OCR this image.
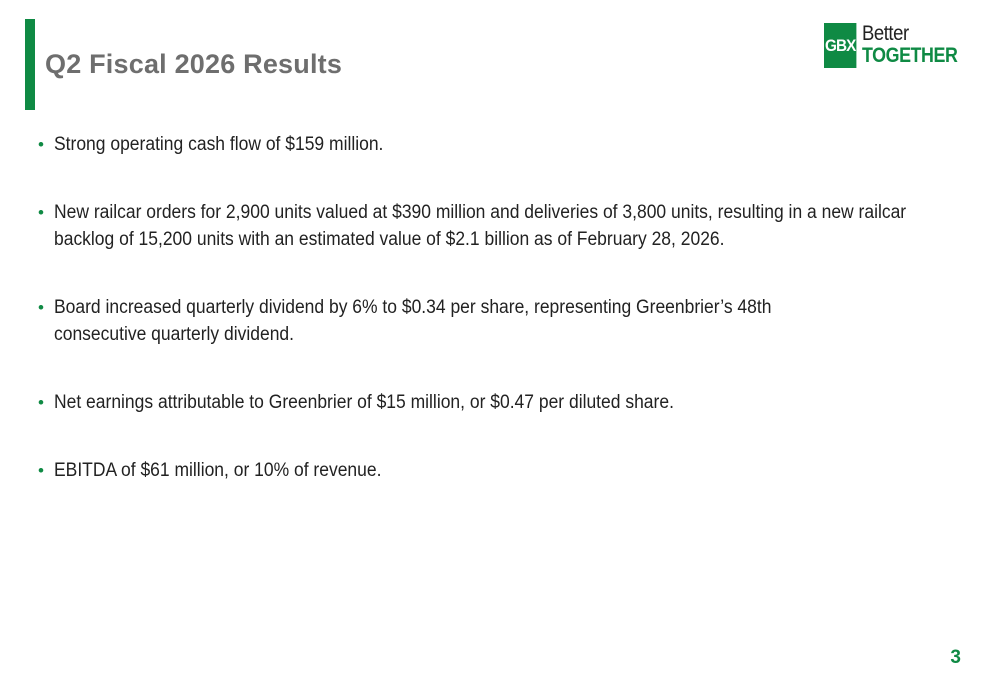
Q2 Fiscal 2026 Results
GBX Better
TOGETHER
• Strong operating cash flow of $159 million.
• New railcar orders for 2,900 units valued at $390 million and deliveries of 3,800 units, resulting in a new railcar backlog of 15,200 units with an estimated value of $2.1 billion as of February 28, 2026.
• Board increased quarterly dividend by 6% to $0.34 per share, representing Greenbrier’s 48th consecutive quarterly dividend.
• Net earnings attributable to Greenbrier of $15 million, or $0.47 per diluted share.
• EBITDA of $61 million, or 10% of revenue.
3
